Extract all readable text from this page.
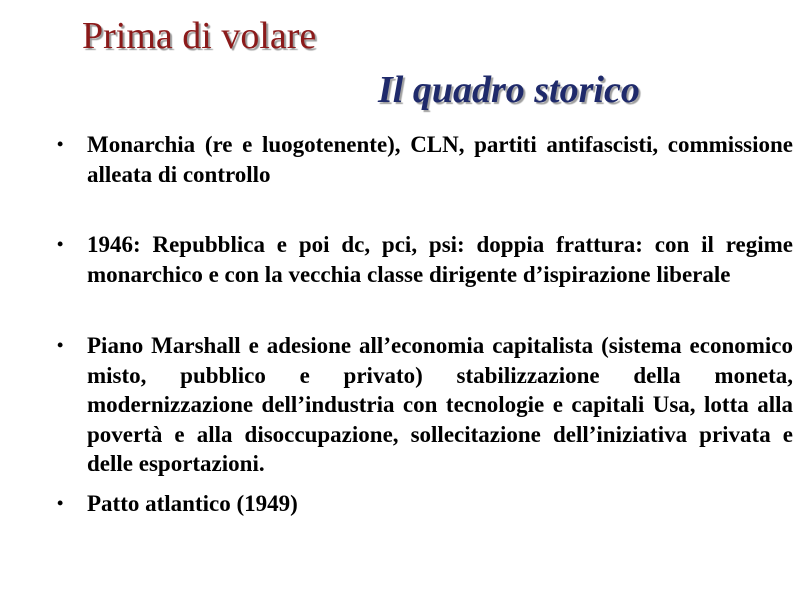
Prima di volare
Il quadro storico
• Monarchia (re e luogotenente), CLN, partiti antifascisti, commissione alleata di controllo
• 1946: Repubblica e poi dc, pci, psi: doppia frattura: con il regime monarchico e con la vecchia classe dirigente d’ispirazione liberale
• Piano Marshall e adesione all’economia capitalista (sistema economico misto, pubblico e privato) stabilizzazione della moneta, modernizzazione dell’industria con tecnologie e capitali Usa, lotta alla povertà e alla disoccupazione, sollecitazione dell’iniziativa privata e delle esportazioni.
• Patto atlantico (1949)
